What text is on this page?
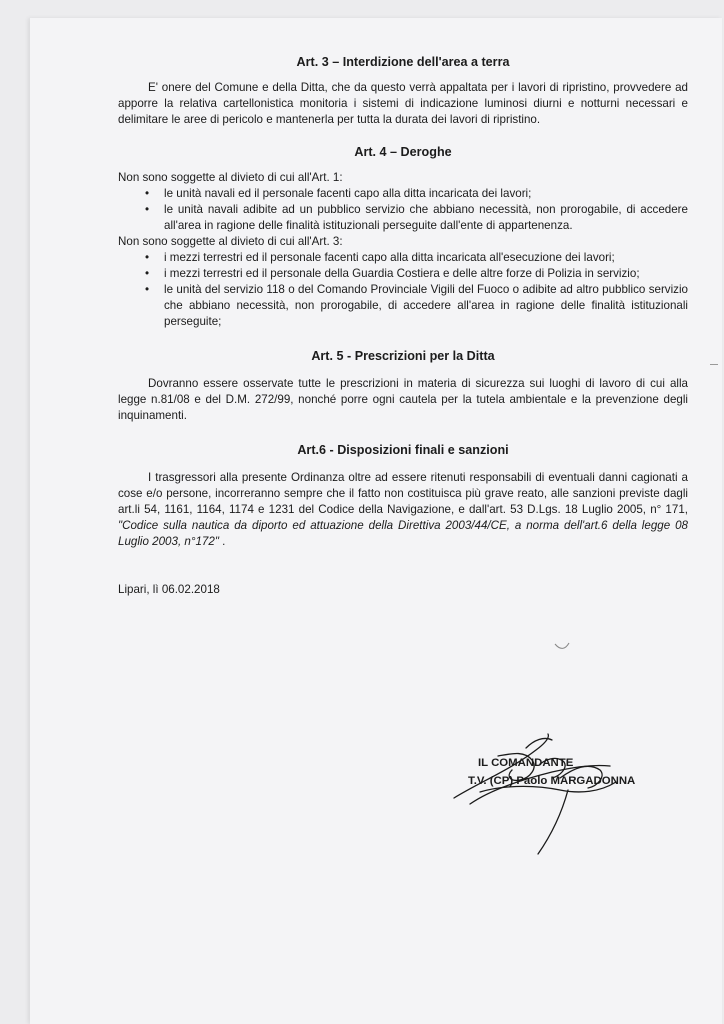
Art. 3 – Interdizione dell'area a terra

E' onere del Comune e della Ditta, che da questo verrà appaltata per i lavori di ripristino, provvedere ad apporre la relativa cartellonistica monitoria i sistemi di indicazione luminosi diurni e notturni necessari e delimitare le aree di pericolo e mantenerla per tutta la durata dei lavori di ripristino.

Art. 4 – Deroghe

Non sono soggette al divieto di cui all'Art. 1:

• le unità navali ed il personale facenti capo alla ditta incaricata dei lavori;
• le unità navali adibite ad un pubblico servizio che abbiano necessità, non prorogabile, di accedere all'area in ragione delle finalità istituzionali perseguite dall'ente di appartenenza.

Non sono soggette al divieto di cui all'Art. 3:

• i mezzi terrestri ed il personale facenti capo alla ditta incaricata all'esecuzione dei lavori;
• i mezzi terrestri ed il personale della Guardia Costiera e delle altre forze di Polizia in servizio;
• le unità del servizio 118 o del Comando Provinciale Vigili del Fuoco o adibite ad altro pubblico servizio che abbiano necessità, non prorogabile, di accedere all'area in ragione delle finalità istituzionali perseguite;
Art. 5 - Prescrizioni per la Ditta

Dovranno essere osservate tutte le prescrizioni in materia di sicurezza sui luoghi di lavoro di cui alla legge n.81/08 e del D.M. 272/99, nonché porre ogni cautela per la tutela ambientale e la prevenzione degli inquinamenti.

Art.6 - Disposizioni finali e sanzioni

I trasgressori alla presente Ordinanza oltre ad essere ritenuti responsabili di eventuali danni cagionati a cose e/o persone, incorreranno sempre che il fatto non costituisca più grave reato, alle sanzioni previste dagli art.li 54, 1161, 1164, 1174 e 1231 del Codice della Navigazione, e dall'art. 53 D.Lgs. 18 Luglio 2005, n° 171, "Codice sulla nautica da diporto ed attuazione della Direttiva 2003/44/CE, a norma dell'art.6 della legge 08 Luglio 2003, n°172" .

Lipari, lì 06.02.2018

IL COMANDANTE
T.V. (CP) Paolo MARGADONNA
